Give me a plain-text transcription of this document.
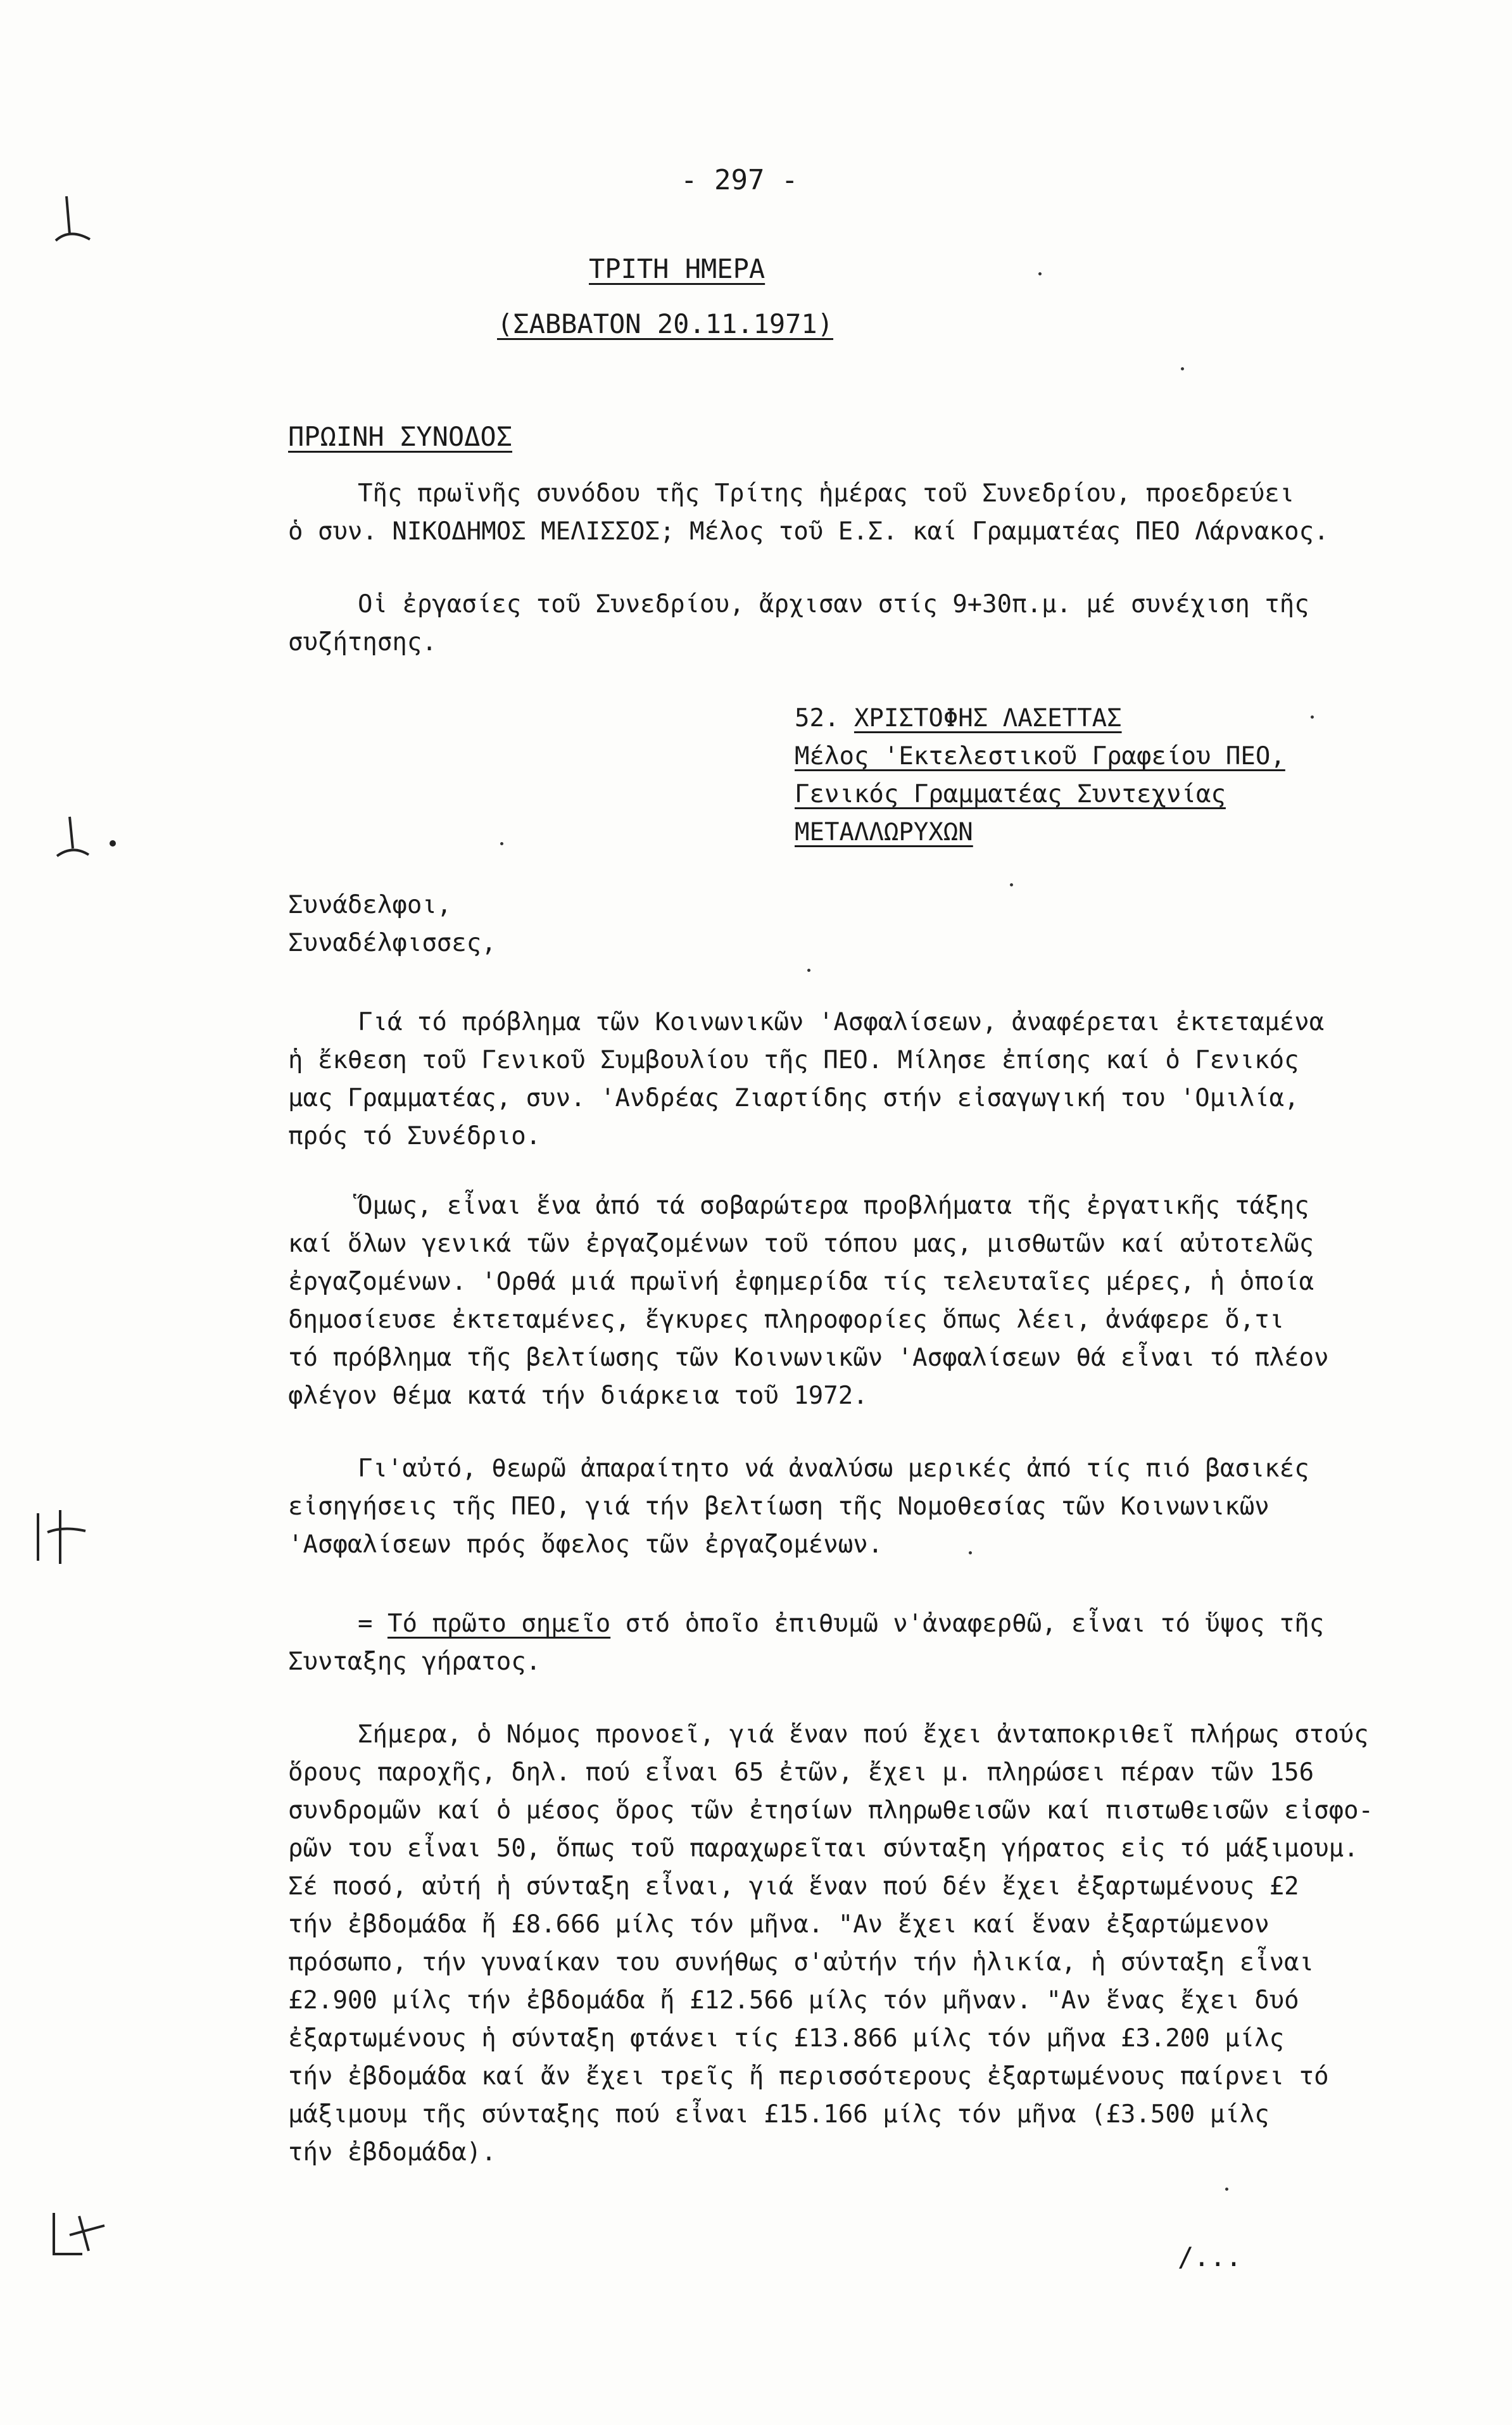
- 297 -
ΤΡΙΤΗ ΗΜΕΡΑ
(ΣΑΒΒΑΤΟΝ 20.11.1971)
ΠΡΩΙΝΗ ΣΥΝΟΔΟΣ
Τῆς πρωϊνῆς συνόδου τῆς Τρίτης ἡμέρας τοῦ Συνεδρίου, προεδρεύει
ὁ συν. ΝΙΚΟΔΗΜΟΣ ΜΕΛΙΣΣΟΣ; Μέλος τοῦ Ε.Σ. καί Γραμματέας ΠΕΟ Λάρνακος.
Οἱ ἐργασίες τοῦ Συνεδρίου, ἄρχισαν στίς 9+30π.μ. μέ συνέχιση τῆς
συζήτησης.
52. ΧΡΙΣΤΟΦΗΣ ΛΑΣΕΤΤΑΣ
Μέλος 'Εκτελεστικοῦ Γραφείου ΠΕΟ,
Γενικός Γραμματέας Συντεχνίας
ΜΕΤΑΛΛΩΡΥΧΩΝ
Συνάδελφοι,
Συναδέλφισσες,
Γιά τό πρόβλημα τῶν Κοινωνικῶν 'Ασφαλίσεων, ἀναφέρεται ἐκτεταμένα
ἡ ἔκθεση τοῦ Γενικοῦ Συμβουλίου τῆς ΠΕΟ. Μίλησε ἐπίσης καί ὁ Γενικός
μας Γραμματέας, συν. 'Ανδρέας Ζιαρτίδης στήν εἰσαγωγική του 'Ομιλία,
πρός τό Συνέδριο.
Ὅμως, εἶναι ἕνα ἀπό τά σοβαρώτερα προβλήματα τῆς ἐργατικῆς τάξης
καί ὅλων γενικά τῶν ἐργαζομένων τοῦ τόπου μας, μισθωτῶν καί αὐτοτελῶς
ἐργαζομένων. 'Ορθά μιά πρωϊνή ἐφημερίδα τίς τελευταῖες μέρες, ἡ ὁποία
δημοσίευσε ἐκτεταμένες, ἔγκυρες πληροφορίες ὅπως λέει, ἀνάφερε ὅ,τι
τό πρόβλημα τῆς βελτίωσης τῶν Κοινωνικῶν 'Ασφαλίσεων θά εἶναι τό πλέον
φλέγον θέμα κατά τήν διάρκεια τοῦ 1972.
Γι'αὐτό, θεωρῶ ἀπαραίτητο νά ἀναλύσω μερικές ἀπό τίς πιό βασικές
εἰσηγήσεις τῆς ΠΕΟ, γιά τήν βελτίωση τῆς Νομοθεσίας τῶν Κοινωνικῶν
'Ασφαλίσεων πρός ὄφελος τῶν ἐργαζομένων.
= Τό πρῶτο σημεῖο στό ὁποῖο ἐπιθυμῶ ν'ἀναφερθῶ, εἶναι τό ὕψος τῆς
Συνταξης γήρατος.
Σήμερα, ὁ Νόμος προνοεῖ, γιά ἕναν πού ἔχει ἀνταποκριθεῖ πλήρως στούς
ὅρους παροχῆς, δηλ. πού εἶναι 65 ἐτῶν, ἔχει μ. πληρώσει πέραν τῶν 156
συνδρομῶν καί ὁ μέσος ὅρος τῶν ἐτησίων πληρωθεισῶν καί πιστωθεισῶν εἰσφο-
ρῶν του εἶναι 50, ὅπως τοῦ παραχωρεῖται σύνταξη γήρατος εἰς τό μάξιμουμ.
Σέ ποσό, αὐτή ἡ σύνταξη εἶναι, γιά ἕναν πού δέν ἔχει ἐξαρτωμένους £2
τήν ἐβδομάδα ἤ £8.666 μίλς τόν μῆνα. "Αν ἔχει καί ἕναν ἐξαρτώμενον
πρόσωπο, τήν γυναίκαν του συνήθως σ'αὐτήν τήν ἡλικία, ἡ σύνταξη εἶναι
£2.900 μίλς τήν ἐβδομάδα ἤ £12.566 μίλς τόν μῆναν. "Αν ἕνας ἔχει δυό
ἐξαρτωμένους ἡ σύνταξη φτάνει τίς £13.866 μίλς τόν μῆνα £3.200 μίλς
τήν ἐβδομάδα καί ἄν ἔχει τρεῖς ἤ περισσότερους ἐξαρτωμένους παίρνει τό
μάξιμουμ τῆς σύνταξης πού εἶναι £15.166 μίλς τόν μῆνα (£3.500 μίλς
τήν ἐβδομάδα).
/...
